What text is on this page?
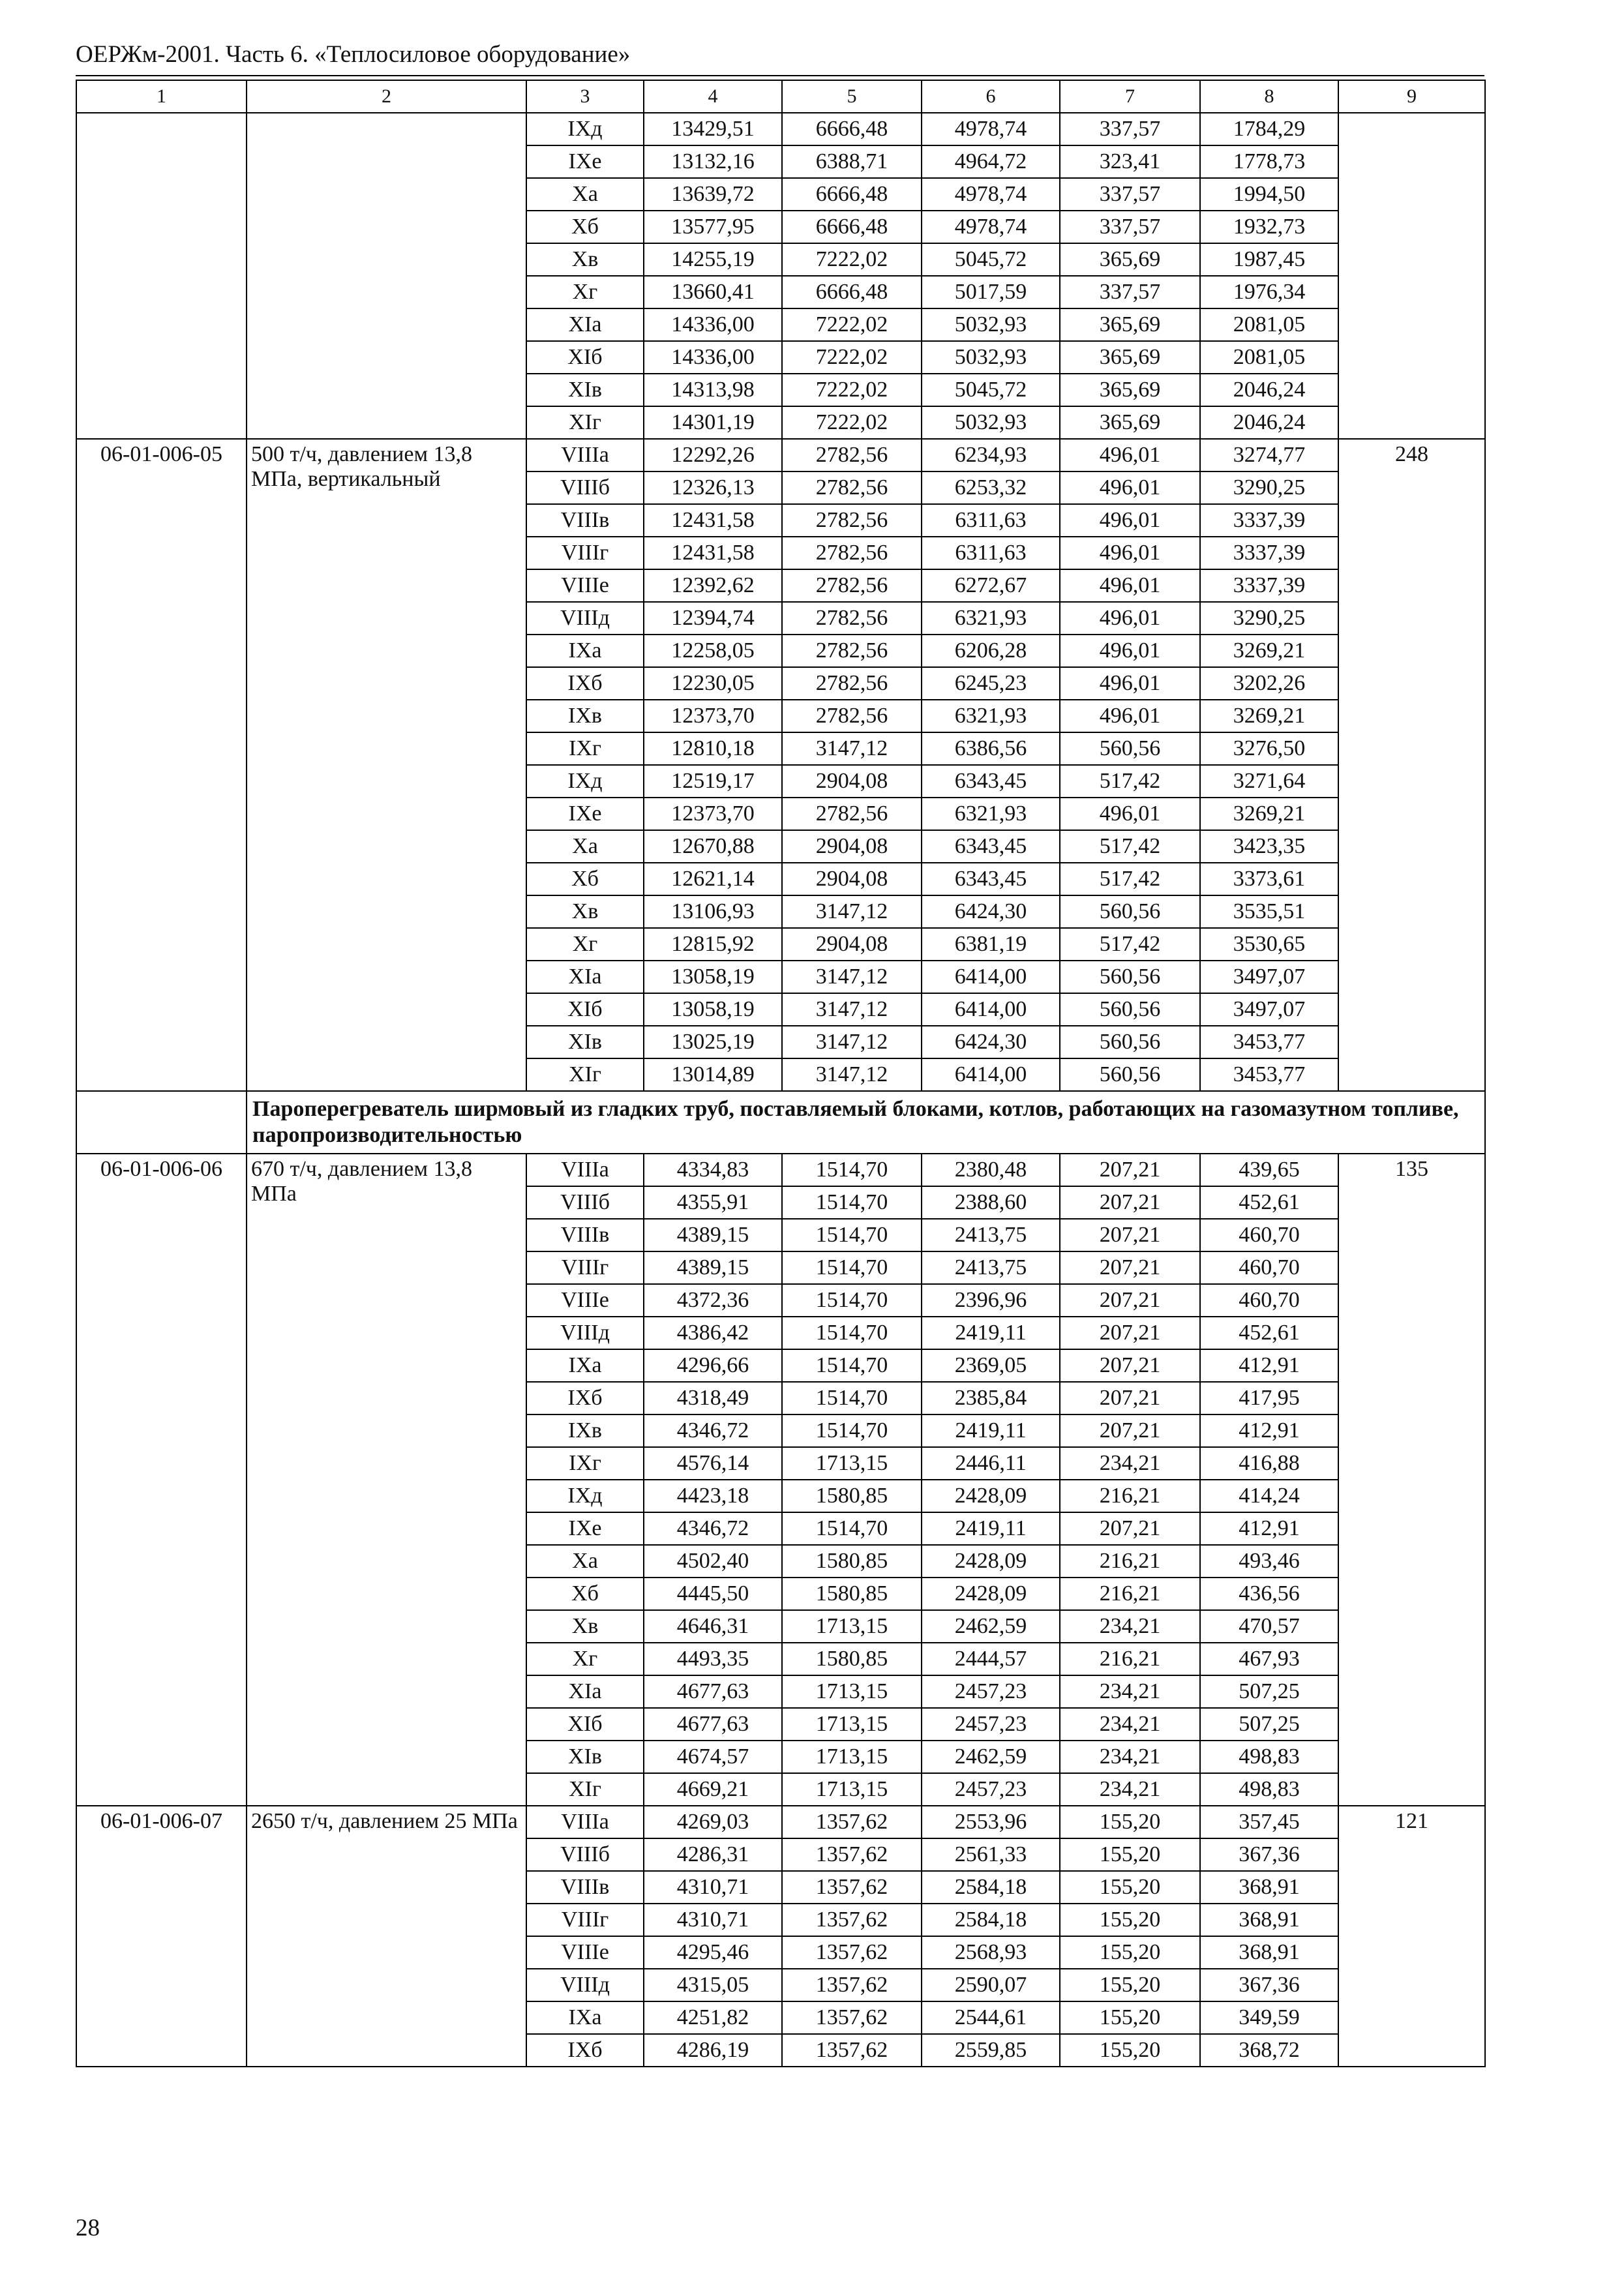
ОЕРЖм-2001. Часть 6. «Теплосиловое оборудование»
1	2	3	4	5	6	7	8	9
		IXд	13429,51	6666,48	4978,74	337,57	1784,29	
		IXе	13132,16	6388,71	4964,72	323,41	1778,73	
		Xа	13639,72	6666,48	4978,74	337,57	1994,50	
		Xб	13577,95	6666,48	4978,74	337,57	1932,73	
		Xв	14255,19	7222,02	5045,72	365,69	1987,45	
		Xг	13660,41	6666,48	5017,59	337,57	1976,34	
		XIа	14336,00	7222,02	5032,93	365,69	2081,05	
		XIб	14336,00	7222,02	5032,93	365,69	2081,05	
		XIв	14313,98	7222,02	5045,72	365,69	2046,24	
		XIг	14301,19	7222,02	5032,93	365,69	2046,24	
06-01-006-05	500 т/ч, давлением 13,8 МПа, вертикальный	VIIIа	12292,26	2782,56	6234,93	496,01	3274,77	248
		VIIIб	12326,13	2782,56	6253,32	496,01	3290,25	
		VIIIв	12431,58	2782,56	6311,63	496,01	3337,39	
		VIIIг	12431,58	2782,56	6311,63	496,01	3337,39	
		VIIIе	12392,62	2782,56	6272,67	496,01	3337,39	
		VIIIд	12394,74	2782,56	6321,93	496,01	3290,25	
		IXа	12258,05	2782,56	6206,28	496,01	3269,21	
		IXб	12230,05	2782,56	6245,23	496,01	3202,26	
		IXв	12373,70	2782,56	6321,93	496,01	3269,21	
		IXг	12810,18	3147,12	6386,56	560,56	3276,50	
		IXд	12519,17	2904,08	6343,45	517,42	3271,64	
		IXе	12373,70	2782,56	6321,93	496,01	3269,21	
		Xа	12670,88	2904,08	6343,45	517,42	3423,35	
		Xб	12621,14	2904,08	6343,45	517,42	3373,61	
		Xв	13106,93	3147,12	6424,30	560,56	3535,51	
		Xг	12815,92	2904,08	6381,19	517,42	3530,65	
		XIа	13058,19	3147,12	6414,00	560,56	3497,07	
		XIб	13058,19	3147,12	6414,00	560,56	3497,07	
		XIв	13025,19	3147,12	6424,30	560,56	3453,77	
		XIг	13014,89	3147,12	6414,00	560,56	3453,77	
	Пароперегреватель ширмовый из гладких труб, поставляемый блоками, котлов, работающих на газомазутном топливе, паропроизводительностью							
06-01-006-06	670 т/ч, давлением 13,8 МПа	VIIIа	4334,83	1514,70	2380,48	207,21	439,65	135
		VIIIб	4355,91	1514,70	2388,60	207,21	452,61	
		VIIIв	4389,15	1514,70	2413,75	207,21	460,70	
		VIIIг	4389,15	1514,70	2413,75	207,21	460,70	
		VIIIе	4372,36	1514,70	2396,96	207,21	460,70	
		VIIIд	4386,42	1514,70	2419,11	207,21	452,61	
		IXа	4296,66	1514,70	2369,05	207,21	412,91	
		IXб	4318,49	1514,70	2385,84	207,21	417,95	
		IXв	4346,72	1514,70	2419,11	207,21	412,91	
		IXг	4576,14	1713,15	2446,11	234,21	416,88	
		IXд	4423,18	1580,85	2428,09	216,21	414,24	
		IXе	4346,72	1514,70	2419,11	207,21	412,91	
		Xа	4502,40	1580,85	2428,09	216,21	493,46	
		Xб	4445,50	1580,85	2428,09	216,21	436,56	
		Xв	4646,31	1713,15	2462,59	234,21	470,57	
		Xг	4493,35	1580,85	2444,57	216,21	467,93	
		XIа	4677,63	1713,15	2457,23	234,21	507,25	
		XIб	4677,63	1713,15	2457,23	234,21	507,25	
		XIв	4674,57	1713,15	2462,59	234,21	498,83	
		XIг	4669,21	1713,15	2457,23	234,21	498,83	
06-01-006-07	2650 т/ч, давлением 25 МПа	VIIIа	4269,03	1357,62	2553,96	155,20	357,45	121
		VIIIб	4286,31	1357,62	2561,33	155,20	367,36	
		VIIIв	4310,71	1357,62	2584,18	155,20	368,91	
		VIIIг	4310,71	1357,62	2584,18	155,20	368,91	
		VIIIе	4295,46	1357,62	2568,93	155,20	368,91	
		VIIIд	4315,05	1357,62	2590,07	155,20	367,36	
		IXа	4251,82	1357,62	2544,61	155,20	349,59	
		IXб	4286,19	1357,62	2559,85	155,20	368,72	
28
